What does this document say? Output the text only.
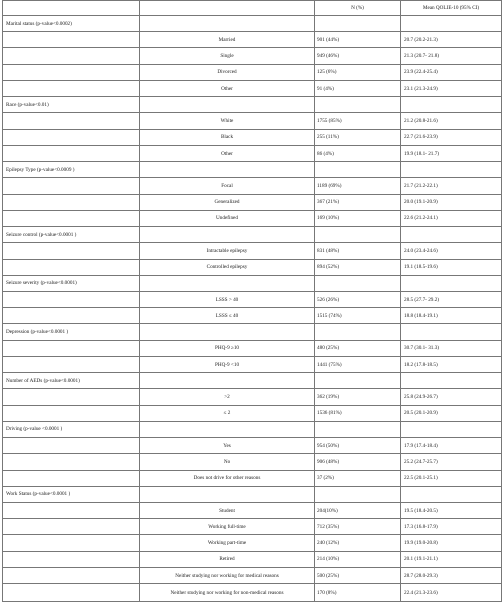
		N (%)	Mean QOLIE-10 (95% CI)
Marital status (p-value<0.0002)			
	Married	901 (44%)	20.7 (20.2-21.3)
	Single	949 (46%)	21.3 (20.7- 21.8)
	Divorced	125 (6%)	23.9 (22.4-25.4)
	Other	91 (4%)	23.1 (21.3-24.9)
Race (p-value<0.01)			
	White	1755 (85%)	21.2 (20.8-21.6)
	Black	255 (11%)	22.7 (21.6-23.9)
	Other	86 (4%)	19.9 (18.1- 21.7)
Epilepsy Type (p-value<0.0009 )			
	Focal	1189 (69%)	21.7 (21.2-22.1)
	Generalized	367 (21%)	20.0 (19.1-20.9)
	Undefined	169 (10%)	22.6 (21.2-24.1)
Seizure control (p-value<0.0001 )			
	Intractable epilepsy	831 (48%)	24.0 (23.4-24.6)
	Controlled epilepsy	894 (52%)	19.1 (18.5-19.6)
Seizure severity (p-value<0.0001)			
	LSSS > 40	526 (26%)	28.5 (27.7- 29.2)
	LSSS ≤ 40	1515 (74%)	18.8 (18.4-19.1)
Depression (p-value<0.0001 )			
	PHQ-9 ≥10	480 (25%)	30.7 (30.1- 31.3)
	PHQ-9 <10	1441 (75%)	18.2 (17.8-18.5)
Number of AEDs (p-value<0.0001)			
	>2	362 (19%)	25.8 (24.9-26.7)
	≤ 2	1536 (81%)	20.5 (20.1-20.9)
Driving (p-value <0.0001 )			
	Yes	954 (50%)	17.9 (17.4-18.4)
	No	906 (48%)	25.2 (24.7-25.7)
	Does not drive for other reasons	37 (2%)	22.5 (20.1-25.1)
Work Status (p-value<0.0001 )			
	Student	204(10%)	19.5 (18.4-20.5)
	Working full-time	712 (35%)	17.3 (16.8-17.9)
	Working part-time	240 (12%)	19.9 (19.0-20.8)
	Retired	214 (10%)	20.1 (19.1-21.1)
	Neither studying nor working for medical reasons	500 (25%)	28.7 (28.0-29.3)
	Neither studying nor working for non-medical reasons	170 (8%)	22.4 (21.3-23.6)
